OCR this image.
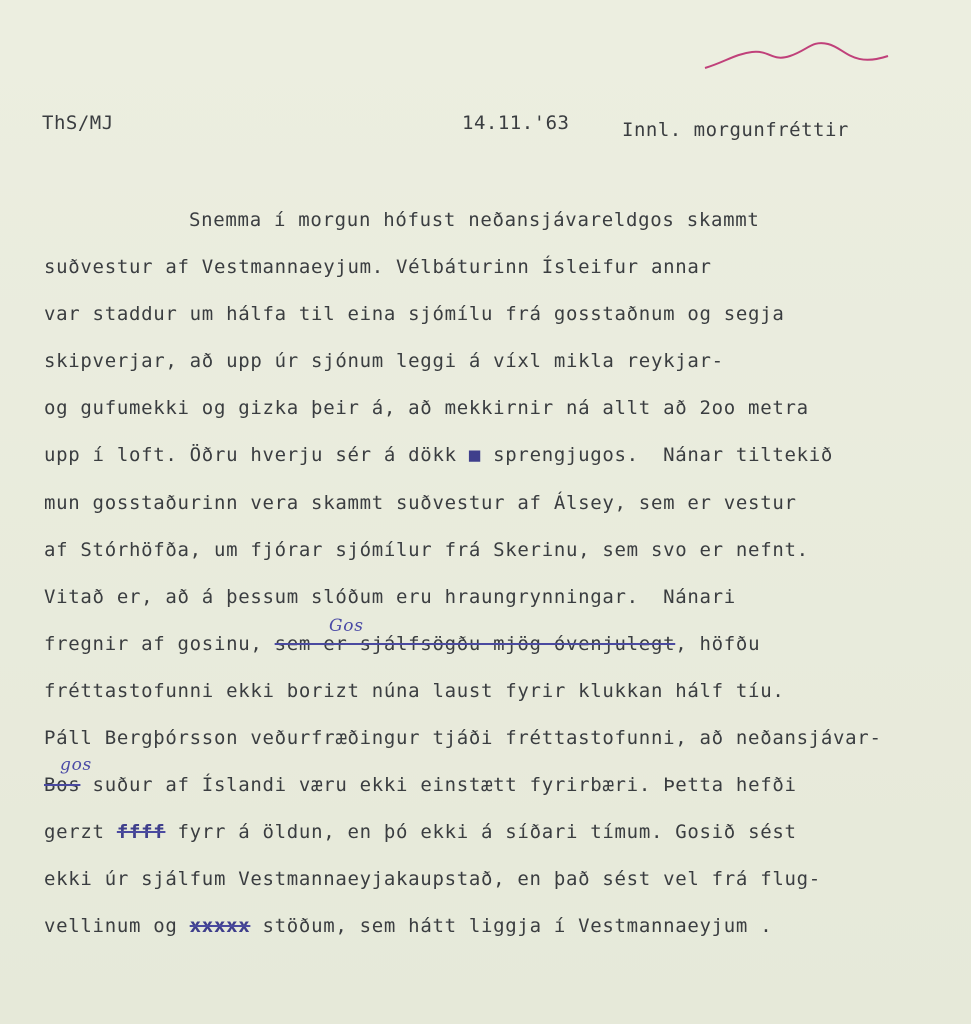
ThS/MJ	14.11.'63	Innl. morgunfréttir
Snemma í morgun hófust neðansjávareldgos skammt
suðvestur af Vestmannaeyjum. Vélbáturinn Ísleifur annar
var staddur um hálfa til eina sjómílu frá gosstaðnum og segja
skipverjar, að upp úr sjónum leggi á víxl mikla reykjar-
og gufumekki og gizka þeir á, að mekkirnir ná allt að 2oo metra
upp í loft. Öðru hverju sér á dökk ■ sprengjugos.  Nánar tiltekið
mun gosstaðurinn vera skammt suðvestur af Álsey, sem er vestur
af Stórhöfða, um fjórar sjómílur frá Skerinu, sem svo er nefnt.
Vitað er, að á þessum slóðum eru hraungrynningar.  Nánari
fregnir af gosinu, sem er sjálfsögðu mjög óvenjulegt, höfðu
Gos
fréttastofunni ekki borizt núna laust fyrir klukkan hálf tíu.
Páll Bergþórsson veðurfræðingur tjáði fréttastofunni, að neðansjávar-
Bos suður af Íslandi væru ekki einstætt fyrirbæri. Þetta hefði
gos
gerzt ffff fyrr á öldun, en þó ekki á síðari tímum. Gosið sést
ekki úr sjálfum Vestmannaeyjakaupstað, en það sést vel frá flug-
vellinum og xxxxx stöðum, sem hátt liggja í Vestmannaeyjum .
